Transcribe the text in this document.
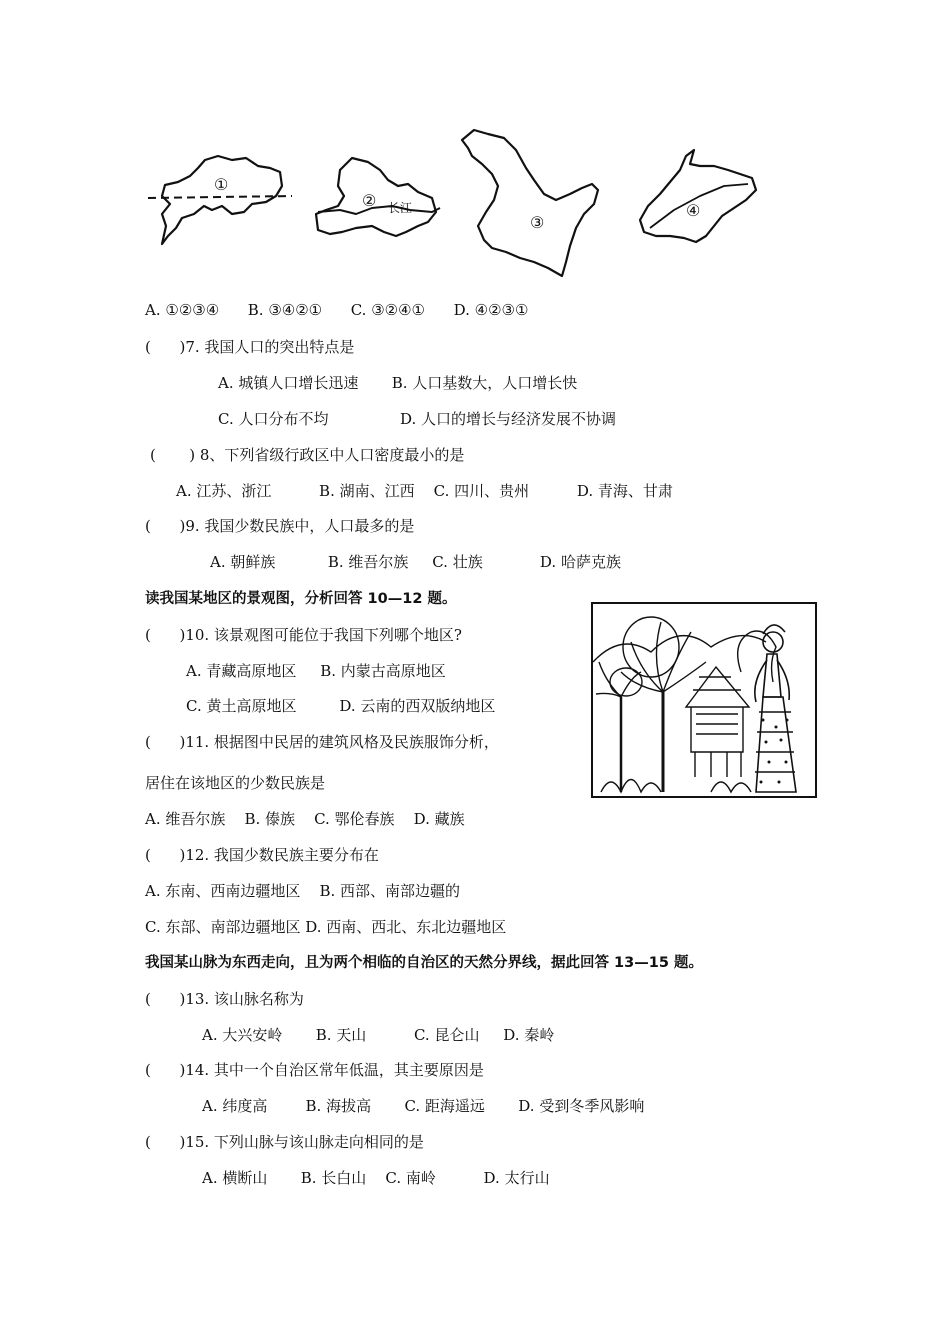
①
②
③
④
长江
A. ①②③④      B. ③④②①      C. ③②④①      D. ④②③①
(      )7. 我国人口的突出特点是
A. 城镇人口增长迅速       B. 人口基数大，人口增长快
C. 人口分布不均               D. 人口的增长与经济发展不协调
(       ) 8、下列省级行政区中人口密度最小的是
A. 江苏、浙江          B. 湖南、江西    C. 四川、贵州          D. 青海、甘肃
(      )9. 我国少数民族中，人口最多的是
A. 朝鲜族           B. 维吾尔族     C. 壮族            D. 哈萨克族
读我国某地区的景观图，分析回答 10—12 题。
(      )10. 该景观图可能位于我国下列哪个地区?
A. 青藏高原地区     B. 内蒙古高原地区
C. 黄土高原地区         D. 云南的西双版纳地区
(      )11. 根据图中民居的建筑风格及民族服饰分析，
居住在该地区的少数民族是
A. 维吾尔族    B. 傣族    C. 鄂伦春族    D. 藏族
(      )12. 我国少数民族主要分布在
A. 东南、西南边疆地区    B. 西部、南部边疆的
C. 东部、南部边疆地区 D. 西南、西北、东北边疆地区
我国某山脉为东西走向，且为两个相临的自治区的天然分界线，据此回答 13—15 题。
(      )13. 该山脉名称为
A. 大兴安岭       B. 天山          C. 昆仑山     D. 秦岭
(      )14. 其中一个自治区常年低温，其主要原因是
A. 纬度高        B. 海拔高       C. 距海遥远       D. 受到冬季风影响
(      )15. 下列山脉与该山脉走向相同的是
A. 横断山       B. 长白山    C. 南岭          D. 太行山
